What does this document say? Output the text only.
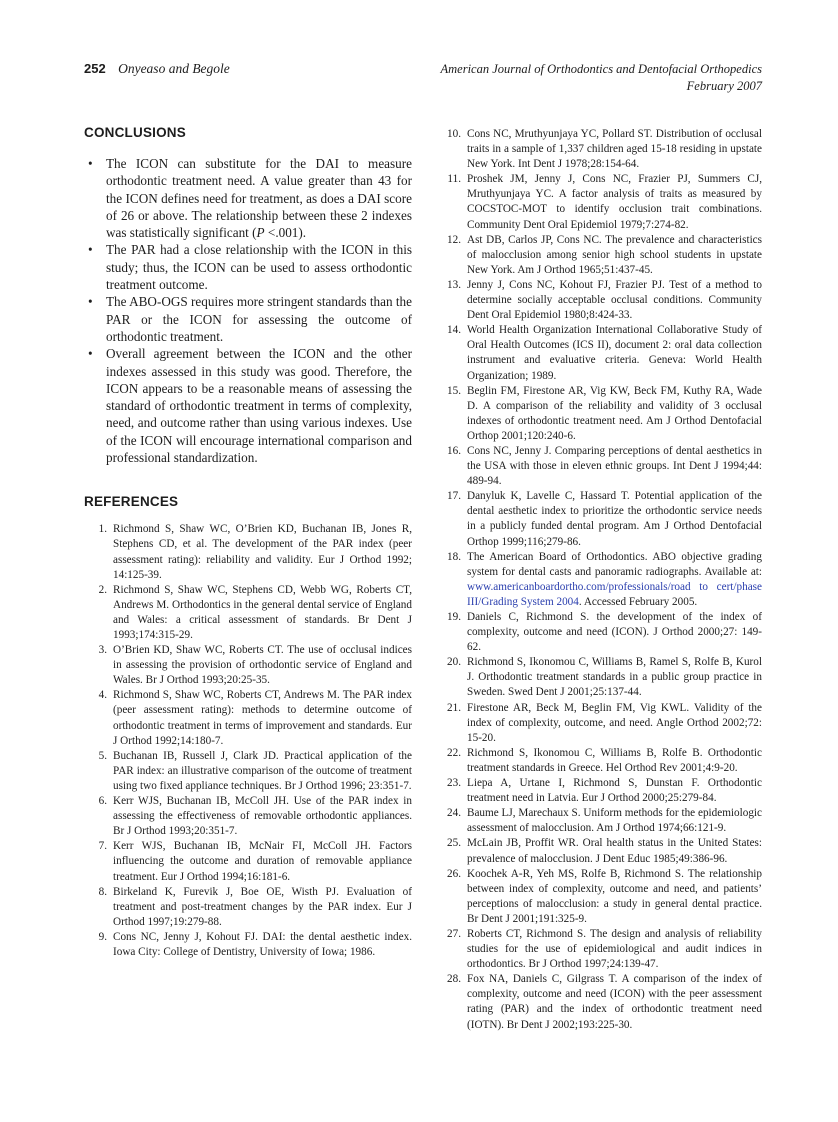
252 Onyeaso and Begole	American Journal of Orthodontics and Dentofacial Orthopedics
February 2007
CONCLUSIONS
• The ICON can substitute for the DAI to measure orthodontic treatment need. A value greater than 43 for the ICON defines need for treatment, as does a DAI score of 26 or above. The relationship between these 2 indexes was statistically significant (P <.001).
• The PAR had a close relationship with the ICON in this study; thus, the ICON can be used to assess orthodontic treatment outcome.
• The ABO-OGS requires more stringent standards than the PAR or the ICON for assessing the outcome of orthodontic treatment.
• Overall agreement between the ICON and the other indexes assessed in this study was good. Therefore, the ICON appears to be a reasonable means of assessing the standard of orthodontic treatment in terms of complexity, need, and outcome rather than using various indexes. Use of the ICON will encourage international comparison and professional standardization.
REFERENCES
1. Richmond S, Shaw WC, O’Brien KD, Buchanan IB, Jones R, Stephens CD, et al. The development of the PAR index (peer assessment rating): reliability and validity. Eur J Orthod 1992; 14:125-39.
2. Richmond S, Shaw WC, Stephens CD, Webb WG, Roberts CT, Andrews M. Orthodontics in the general dental service of England and Wales: a critical assessment of standards. Br Dent J 1993;174:315-29.
3. O’Brien KD, Shaw WC, Roberts CT. The use of occlusal indices in assessing the provision of orthodontic service of England and Wales. Br J Orthod 1993;20:25-35.
4. Richmond S, Shaw WC, Roberts CT, Andrews M. The PAR index (peer assessment rating): methods to determine outcome of orthodontic treatment in terms of improvement and standards. Eur J Orthod 1992;14:180-7.
5. Buchanan IB, Russell J, Clark JD. Practical application of the PAR index: an illustrative comparison of the outcome of treatment using two fixed appliance techniques. Br J Orthod 1996; 23:351-7.
6. Kerr WJS, Buchanan IB, McColl JH. Use of the PAR index in assessing the effectiveness of removable orthodontic appliances. Br J Orthod 1993;20:351-7.
7. Kerr WJS, Buchanan IB, McNair FI, McColl JH. Factors influencing the outcome and duration of removable appliance treatment. Eur J Orthod 1994;16:181-6.
8. Birkeland K, Furevik J, Boe OE, Wisth PJ. Evaluation of treatment and post-treatment changes by the PAR index. Eur J Orthod 1997;19:279-88.
9. Cons NC, Jenny J, Kohout FJ. DAI: the dental aesthetic index. Iowa City: College of Dentistry, University of Iowa; 1986.
10. Cons NC, Mruthyunjaya YC, Pollard ST. Distribution of occlusal traits in a sample of 1,337 children aged 15-18 residing in upstate New York. Int Dent J 1978;28:154-64.
11. Proshek JM, Jenny J, Cons NC, Frazier PJ, Summers CJ, Mruthyunjaya YC. A factor analysis of traits as measured by COCSTOC-MOT to identify occlusion trait combinations. Community Dent Oral Epidemiol 1979;7:274-82.
12. Ast DB, Carlos JP, Cons NC. The prevalence and characteristics of malocclusion among senior high school students in upstate New York. Am J Orthod 1965;51:437-45.
13. Jenny J, Cons NC, Kohout FJ, Frazier PJ. Test of a method to determine socially acceptable occlusal conditions. Community Dent Oral Epidemiol 1980;8:424-33.
14. World Health Organization International Collaborative Study of Oral Health Outcomes (ICS II), document 2: oral data collection instrument and evaluative criteria. Geneva: World Health Organization; 1989.
15. Beglin FM, Firestone AR, Vig KW, Beck FM, Kuthy RA, Wade D. A comparison of the reliability and validity of 3 occlusal indexes of orthodontic treatment need. Am J Orthod Dentofacial Orthop 2001;120:240-6.
16. Cons NC, Jenny J. Comparing perceptions of dental aesthetics in the USA with those in eleven ethnic groups. Int Dent J 1994;44: 489-94.
17. Danyluk K, Lavelle C, Hassard T. Potential application of the dental aesthetic index to prioritize the orthodontic service needs in a publicly funded dental program. Am J Orthod Dentofacial Orthop 1999;116;279-86.
18. The American Board of Orthodontics. ABO objective grading system for dental casts and panoramic radiographs. Available at: www.americanboardortho.com/professionals/road to cert/phase III/Grading System 2004. Accessed February 2005.
19. Daniels C, Richmond S. the development of the index of complexity, outcome and need (ICON). J Orthod 2000;27: 149-62.
20. Richmond S, Ikonomou C, Williams B, Ramel S, Rolfe B, Kurol J. Orthodontic treatment standards in a public group practice in Sweden. Swed Dent J 2001;25:137-44.
21. Firestone AR, Beck M, Beglin FM, Vig KWL. Validity of the index of complexity, outcome, and need. Angle Orthod 2002;72: 15-20.
22. Richmond S, Ikonomou C, Williams B, Rolfe B. Orthodontic treatment standards in Greece. Hel Orthod Rev 2001;4:9-20.
23. Liepa A, Urtane I, Richmond S, Dunstan F. Orthodontic treatment need in Latvia. Eur J Orthod 2000;25:279-84.
24. Baume LJ, Marechaux S. Uniform methods for the epidemiologic assessment of malocclusion. Am J Orthod 1974;66:121-9.
25. McLain JB, Proffit WR. Oral health status in the United States: prevalence of malocclusion. J Dent Educ 1985;49:386-96.
26. Koochek A-R, Yeh MS, Rolfe B, Richmond S. The relationship between index of complexity, outcome and need, and patients’ perceptions of malocclusion: a study in general dental practice. Br Dent J 2001;191:325-9.
27. Roberts CT, Richmond S. The design and analysis of reliability studies for the use of epidemiological and audit indices in orthodontics. Br J Orthod 1997;24:139-47.
28. Fox NA, Daniels C, Gilgrass T. A comparison of the index of complexity, outcome and need (ICON) with the peer assessment rating (PAR) and the index of orthodontic treatment need (IOTN). Br Dent J 2002;193:225-30.
